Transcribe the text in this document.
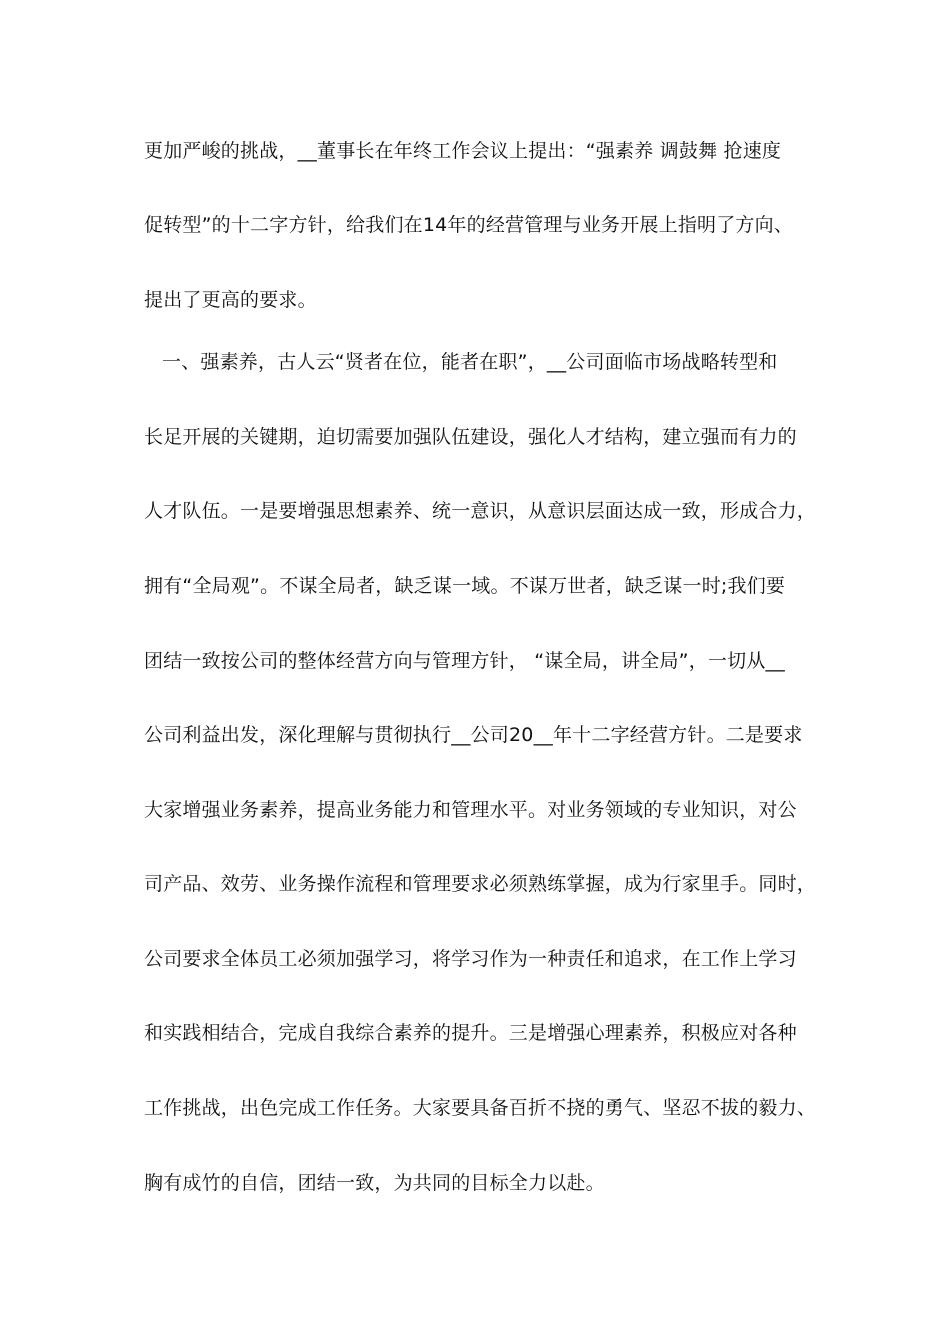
更加严峻的挑战，__董事长在年终工作会议上提出：“强素养 调鼓舞 抢速度
促转型”的十二字方针，给我们在14年的经营管理与业务开展上指明了方向、
提出了更高的要求。
一、强素养，古人云“贤者在位，能者在职”，__公司面临市场战略转型和
长足开展的关键期，迫切需要加强队伍建设，强化人才结构，建立强而有力的
人才队伍。一是要增强思想素养、统一意识，从意识层面达成一致，形成合力，
拥有“全局观”。不谋全局者，缺乏谋一域。不谋万世者，缺乏谋一时;我们要
团结一致按公司的整体经营方向与管理方针， “谋全局，讲全局”，一切从__
公司利益出发，深化理解与贯彻执行__公司20__年十二字经营方针。二是要求
大家增强业务素养，提高业务能力和管理水平。对业务领域的专业知识，对公
司产品、效劳、业务操作流程和管理要求必须熟练掌握，成为行家里手。同时，
公司要求全体员工必须加强学习，将学习作为一种责任和追求，在工作上学习
和实践相结合，完成自我综合素养的提升。三是增强心理素养，积极应对各种
工作挑战，出色完成工作任务。大家要具备百折不挠的勇气、坚忍不拔的毅力、
胸有成竹的自信，团结一致，为共同的目标全力以赴。
